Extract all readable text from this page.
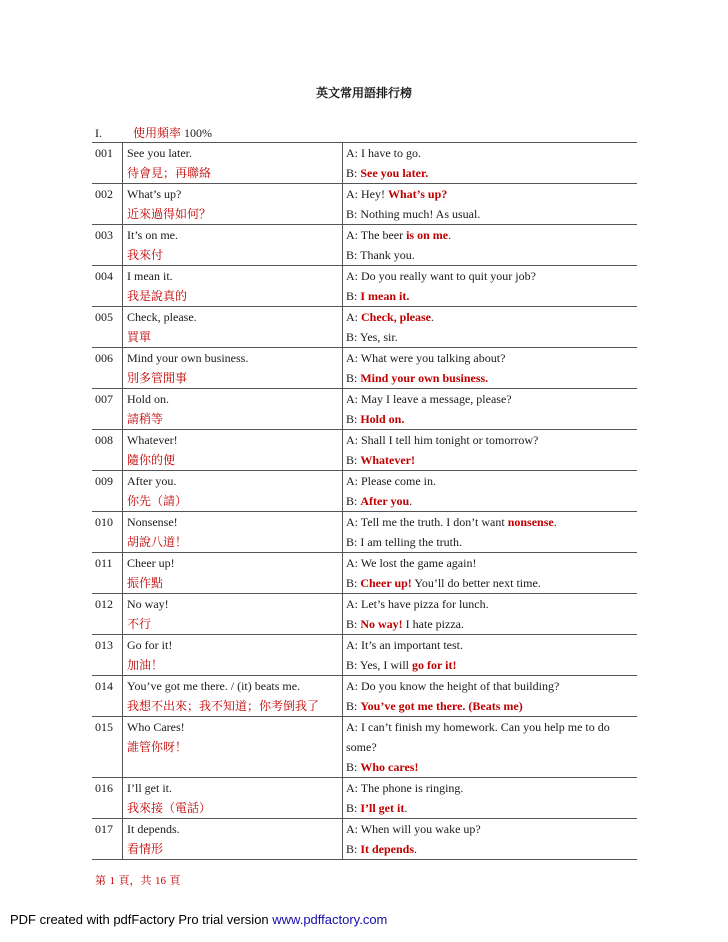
英文常用語排行榜
I.	使用頻率 100%
001	See you later.
待會見；再聯絡	A: I have to go.
B: See you later.

002	What’s up?
近來過得如何？	A: Hey! What’s up?
B: Nothing much! As usual.

003	It’s on me.
我來付	A: The beer is on me.
B: Thank you.

004	I mean it.
我是說真的	A: Do you really want to quit your job?
B: I mean it.

005	Check, please.
買單	A: Check, please.
B: Yes, sir.

006	Mind your own business.
別多管閒事	A: What were you talking about?
B: Mind your own business.

007	Hold on.
請稍等	A: May I leave a message, please?
B: Hold on.

008	Whatever!
隨你的便	A: Shall I tell him tonight or tomorrow?
B: Whatever!

009	After you.
你先（請）	A: Please come in.
B: After you.

010	Nonsense!
胡說八道！	A: Tell me the truth. I don’t want nonsense.
B: I am telling the truth.

011	Cheer up!
振作點	A: We lost the game again!
B: Cheer up! You’ll do better next time.

012	No way!
不行	A: Let’s have pizza for lunch.
B: No way! I hate pizza.

013	Go for it!
加油！	A: It’s an important test.
B: Yes, I will go for it!

014	You’ve got me there. / (it) beats me.
我想不出來；我不知道；你考倒我了	A: Do you know the height of that building?
B: You’ve got me there. (Beats me)

015	Who Cares!
誰管你呀！	A: I can’t finish my homework. Can you help me to do some?
B: Who cares!

016	I’ll get it.
我來接（電話）	A: The phone is ringing.
B: I’ll get it.

017	It depends.
看情形	A: When will you wake up?
B: It depends.
第 1 頁，共 16 頁
PDF created with pdfFactory Pro trial version www.pdffactory.com
